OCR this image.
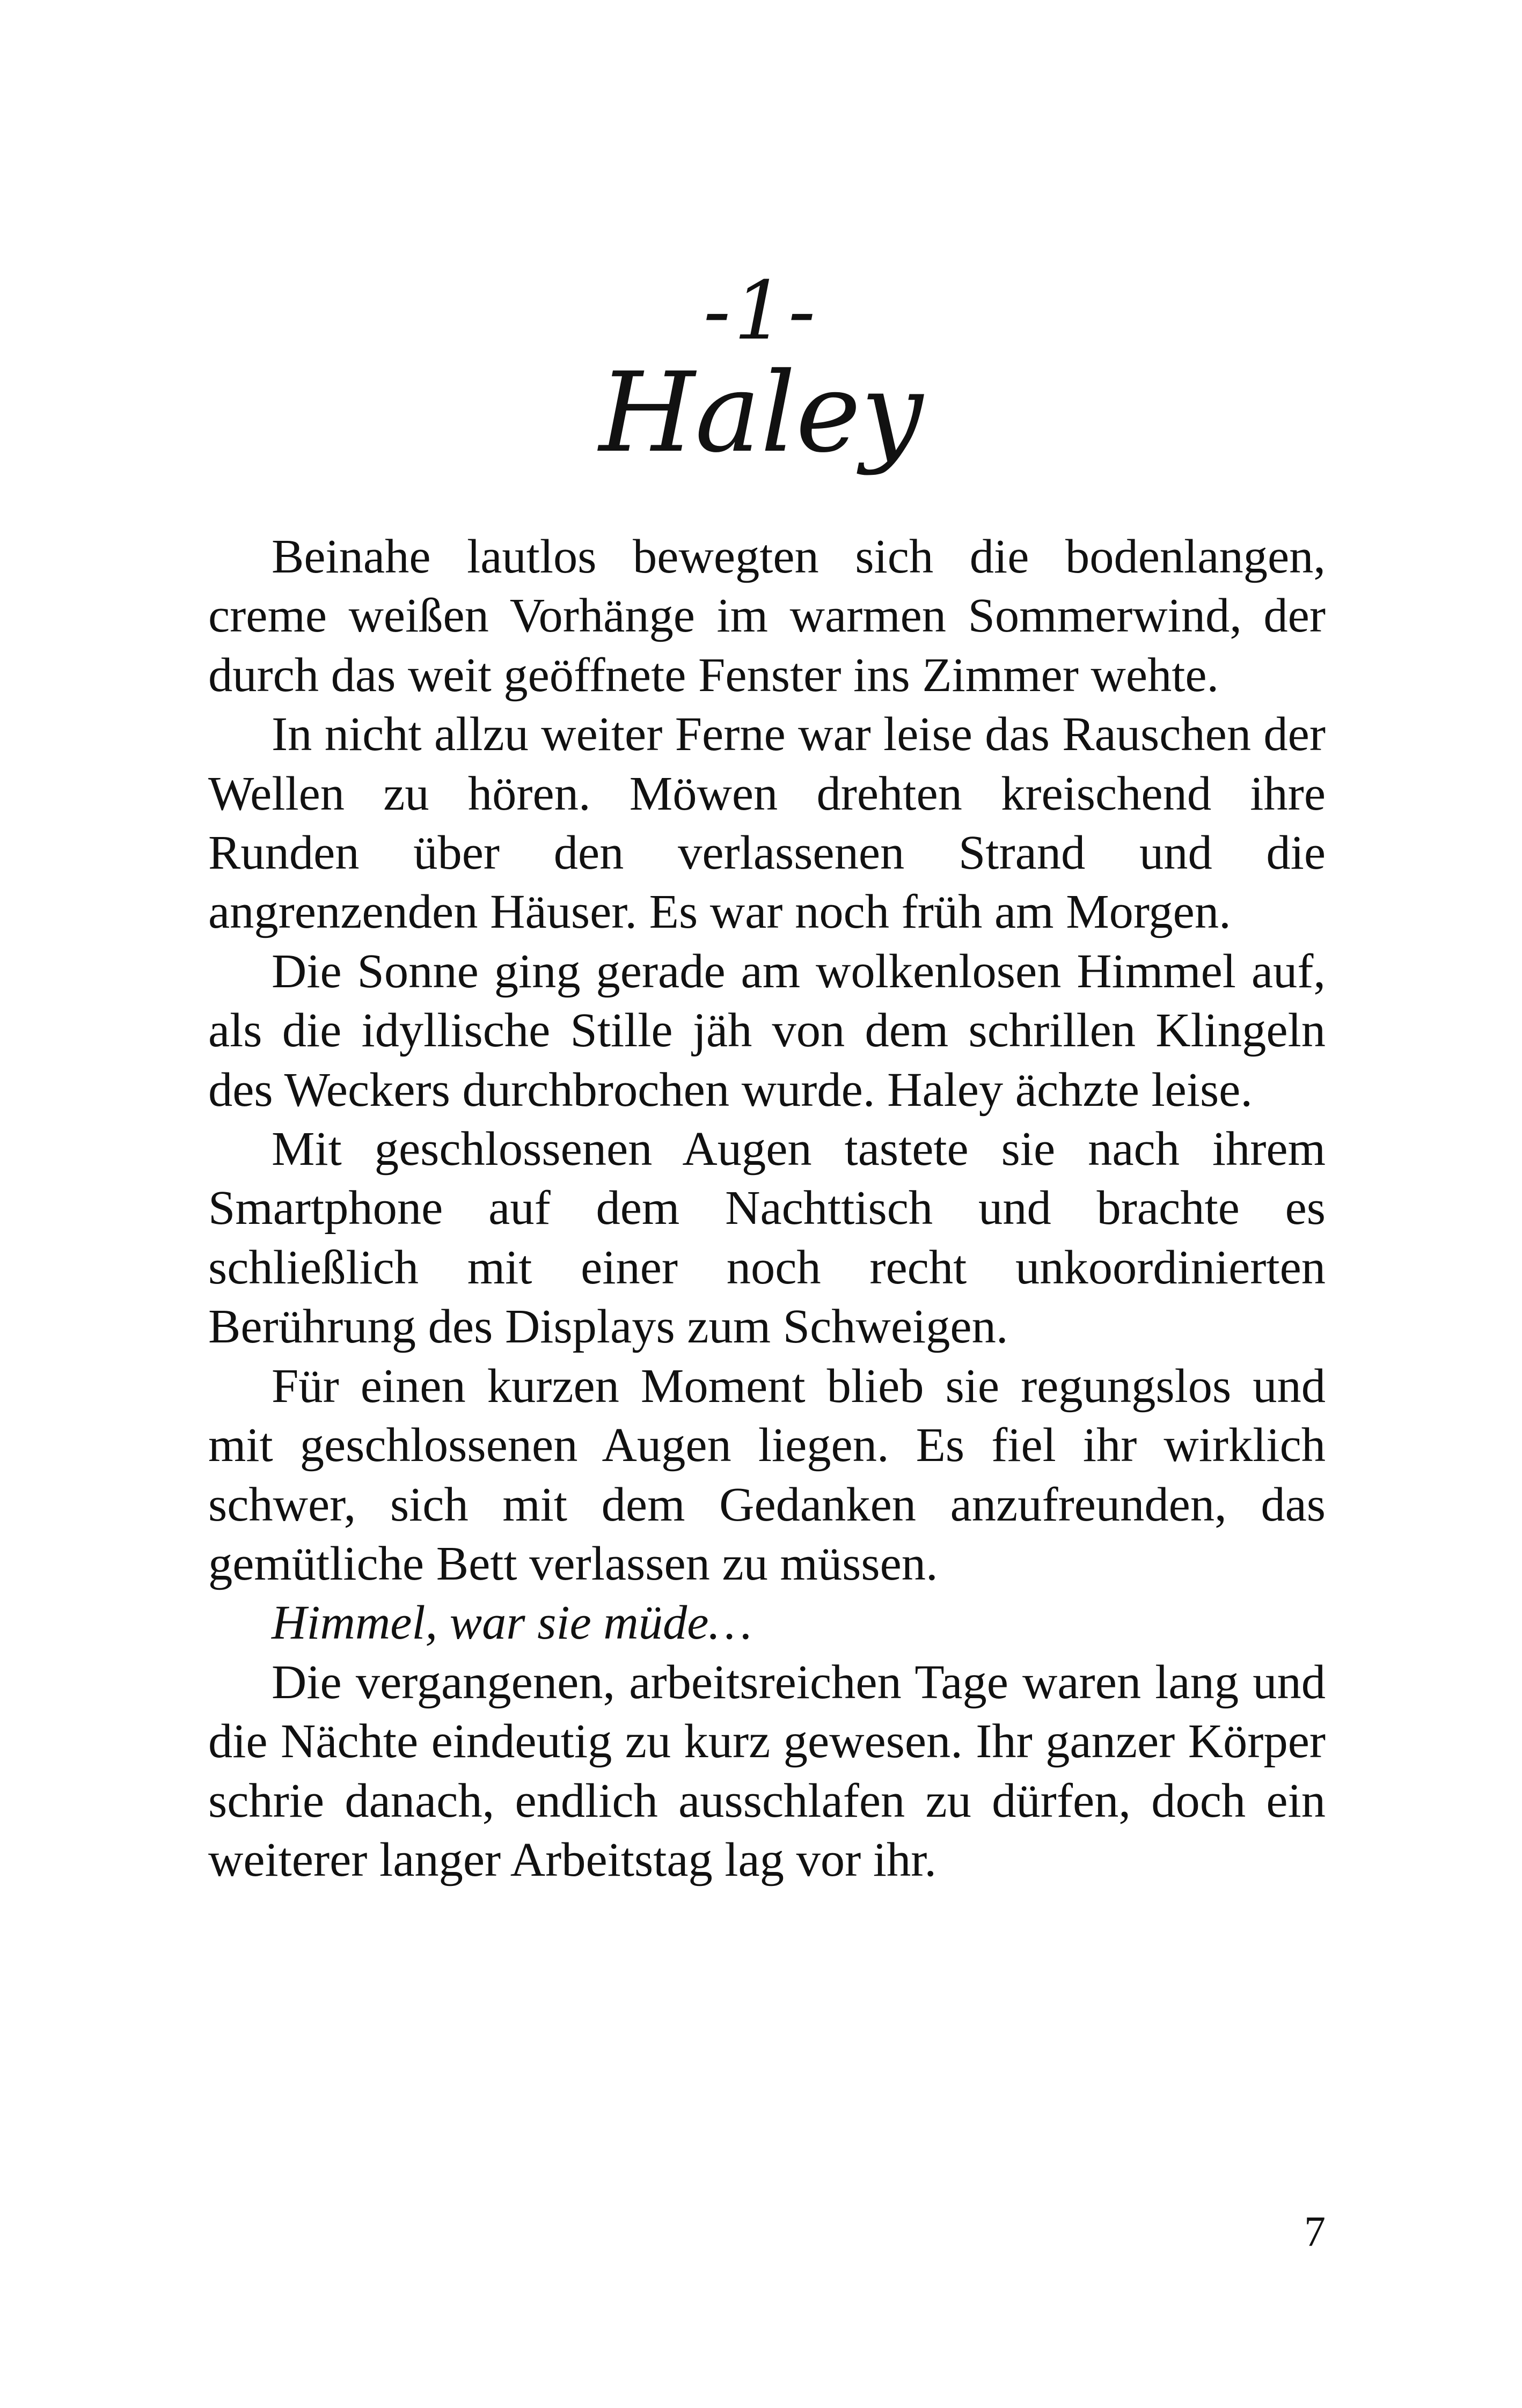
-1-
Haley

Beinahe lautlos bewegten sich die bodenlangen, creme weißen Vorhänge im warmen Sommerwind, der durch das weit geöffnete Fenster ins Zimmer wehte.

In nicht allzu weiter Ferne war leise das Rauschen der Wellen zu hören. Möwen drehten kreischend ihre Runden über den verlassenen Strand und die angrenzenden Häuser. Es war noch früh am Morgen.

Die Sonne ging gerade am wolkenlosen Himmel auf, als die idyllische Stille jäh von dem schrillen Klingeln des Weckers durchbrochen wurde. Haley ächzte leise.

Mit geschlossenen Augen tastete sie nach ihrem Smartphone auf dem Nachttisch und brachte es schließlich mit einer noch recht unkoordinierten Berührung des Displays zum Schweigen.

Für einen kurzen Moment blieb sie regungslos und mit geschlossenen Augen liegen. Es fiel ihr wirklich schwer, sich mit dem Gedanken anzufreunden, das gemütliche Bett verlassen zu müssen.

Himmel, war sie müde…

Die vergangenen, arbeitsreichen Tage waren lang und die Nächte eindeutig zu kurz gewesen. Ihr ganzer Körper schrie danach, endlich ausschlafen zu dürfen, doch ein weiterer langer Arbeitstag lag vor ihr.

7
